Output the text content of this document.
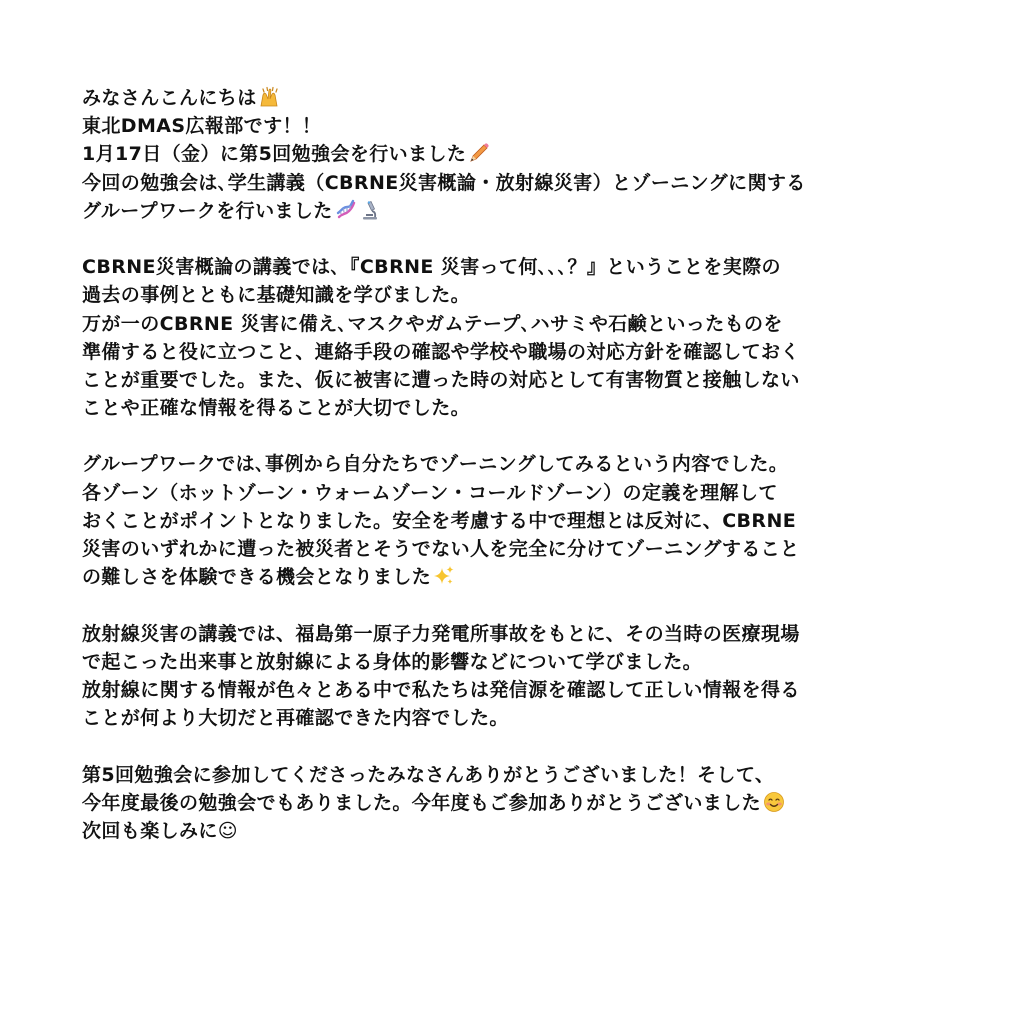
みなさんこんにちは
東北DMAS広報部です！！
1月17日（金）に第5回勉強会を行いました
今回の勉強会は､学生講義（CBRNE災害概論・放射線災害）とゾーニングに関する
グループワークを行いました
CBRNE災害概論の講義では､『CBRNE 災害って何､､､？』ということを実際の
過去の事例とともに基礎知識を学びました。
万が一のCBRNE 災害に備え､マスクやガムテープ､ハサミや石鹸といったものを
準備すると役に立つこと、連絡手段の確認や学校や職場の対応方針を確認しておく
ことが重要でした。また、仮に被害に遭った時の対応として有害物質と接触しない
ことや正確な情報を得ることが大切でした。
グループワークでは､事例から自分たちでゾーニングしてみるという内容でした。
各ゾーン（ホットゾーン・ウォームゾーン・コールドゾーン）の定義を理解して
おくことがポイントとなりました。安全を考慮する中で理想とは反対に、CBRNE
災害のいずれかに遭った被災者とそうでない人を完全に分けてゾーニングすること
の難しさを体験できる機会となりました
放射線災害の講義では、福島第一原子力発電所事故をもとに、その当時の医療現場
で起こった出来事と放射線による身体的影響などについて学びました。
放射線に関する情報が色々とある中で私たちは発信源を確認して正しい情報を得る
ことが何より大切だと再確認できた内容でした。
第5回勉強会に参加してくださったみなさんありがとうございました！そして、
今年度最後の勉強会でもありました。今年度もご参加ありがとうございました
次回も楽しみに☺
